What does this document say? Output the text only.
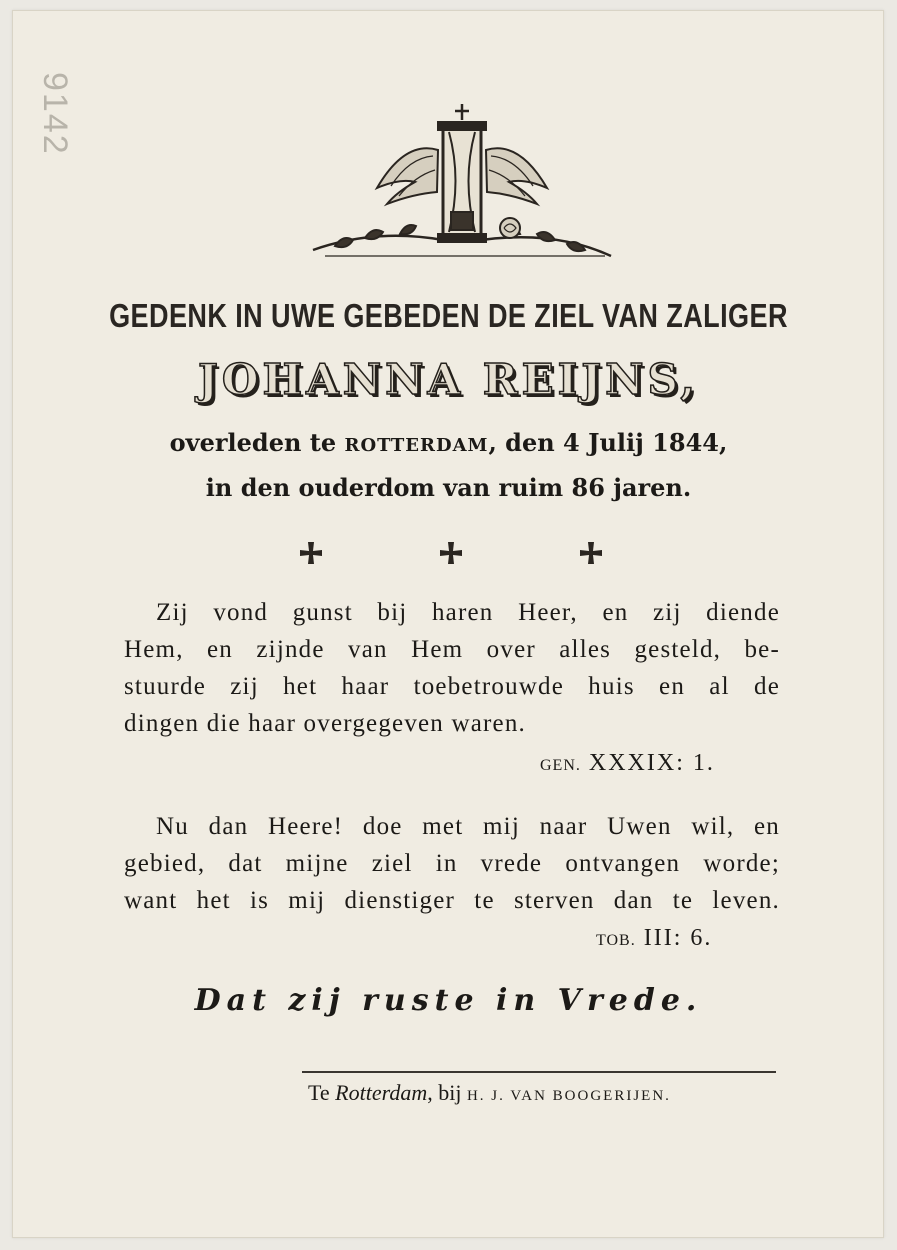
9142
GEDENK IN UWE GEBEDEN DE ZIEL VAN ZALIGER
JOHANNA REIJNS,
overleden te ROTTERDAM, den 4 Julij 1844,
in den ouderdom van ruim 86 jaren.
Zij vond gunst bij haren Heer, en zij diende
Hem, en zijnde van Hem over alles gesteld, be-
stuurde zij het haar toebetrouwde huis en al de
dingen die haar overgegeven waren.
GEN. XXXIX: 1.
Nu dan Heere! doe met mij naar Uwen wil, en
gebied, dat mijne ziel in vrede ontvangen worde;
want het is mij dienstiger te sterven dan te leven.
TOB. III: 6.
Dat zij ruste in Vrede.
Te Rotterdam, bij H. J. VAN BOOGERIJEN.
